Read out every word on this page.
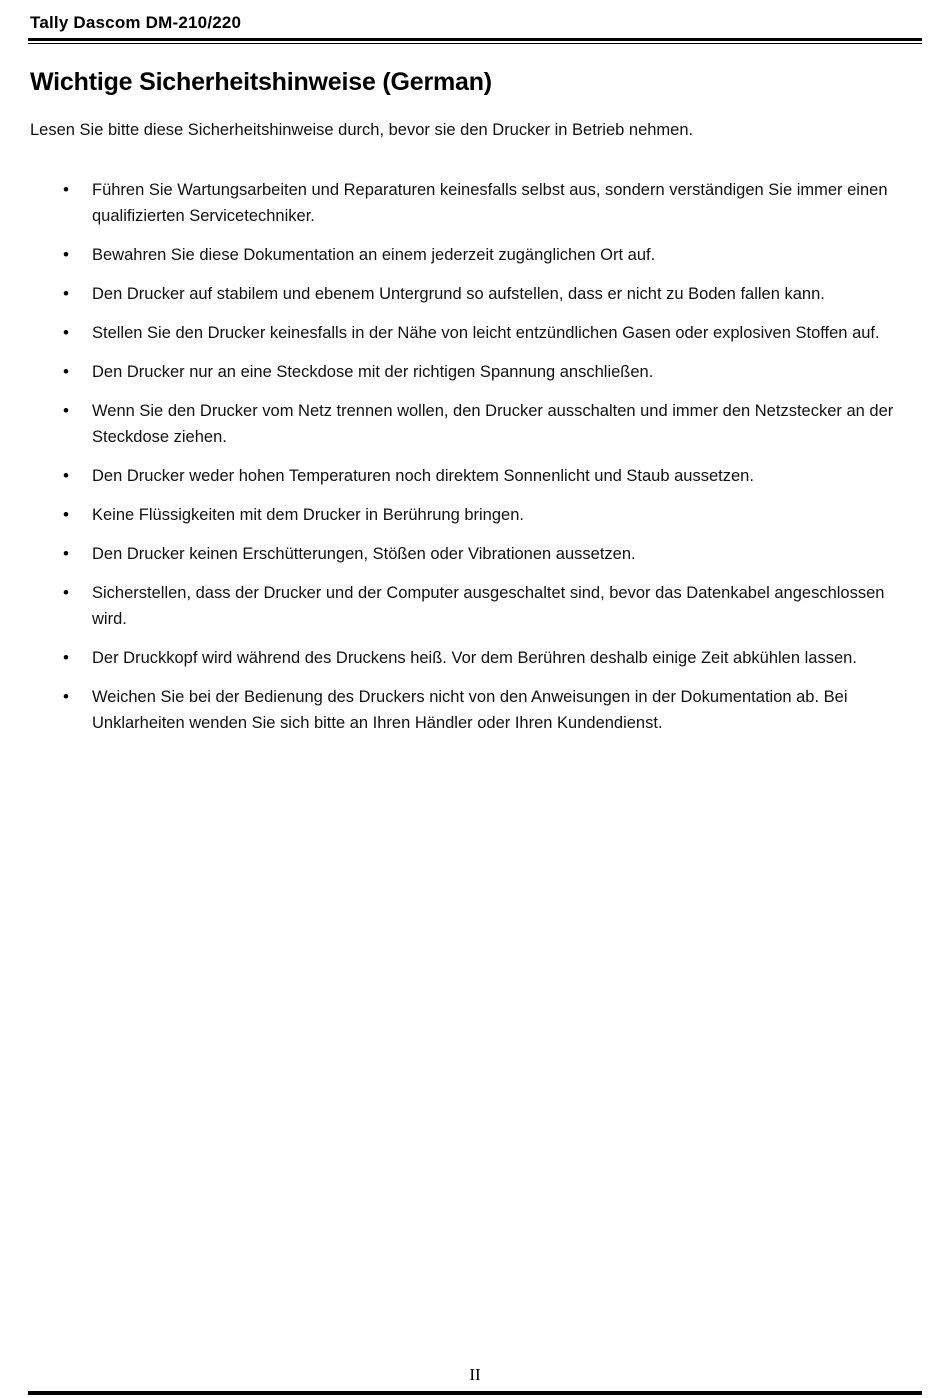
Tally Dascom DM-210/220
Wichtige Sicherheitshinweise (German)

Lesen Sie bitte diese Sicherheitshinweise durch, bevor sie den Drucker in Betrieb nehmen.

• Führen Sie Wartungsarbeiten und Reparaturen keinesfalls selbst aus, sondern verständigen Sie immer einen qualifizierten Servicetechniker.
• Bewahren Sie diese Dokumentation an einem jederzeit zugänglichen Ort auf.
• Den Drucker auf stabilem und ebenem Untergrund so aufstellen, dass er nicht zu Boden fallen kann.
• Stellen Sie den Drucker keinesfalls in der Nähe von leicht entzündlichen Gasen oder explosiven Stoffen auf.
• Den Drucker nur an eine Steckdose mit der richtigen Spannung anschließen.
• Wenn Sie den Drucker vom Netz trennen wollen, den Drucker ausschalten und immer den Netzstecker an der Steckdose ziehen.
• Den Drucker weder hohen Temperaturen noch direktem Sonnenlicht und Staub aussetzen.
• Keine Flüssigkeiten mit dem Drucker in Berührung bringen.
• Den Drucker keinen Erschütterungen, Stößen oder Vibrationen aussetzen.
• Sicherstellen, dass der Drucker und der Computer ausgeschaltet sind, bevor das Datenkabel angeschlossen wird.
• Der Druckkopf wird während des Druckens heiß. Vor dem Berühren deshalb einige Zeit abkühlen lassen.
• Weichen Sie bei der Bedienung des Druckers nicht von den Anweisungen in der Dokumentation ab. Bei Unklarheiten wenden Sie sich bitte an Ihren Händler oder Ihren Kundendienst.
II
